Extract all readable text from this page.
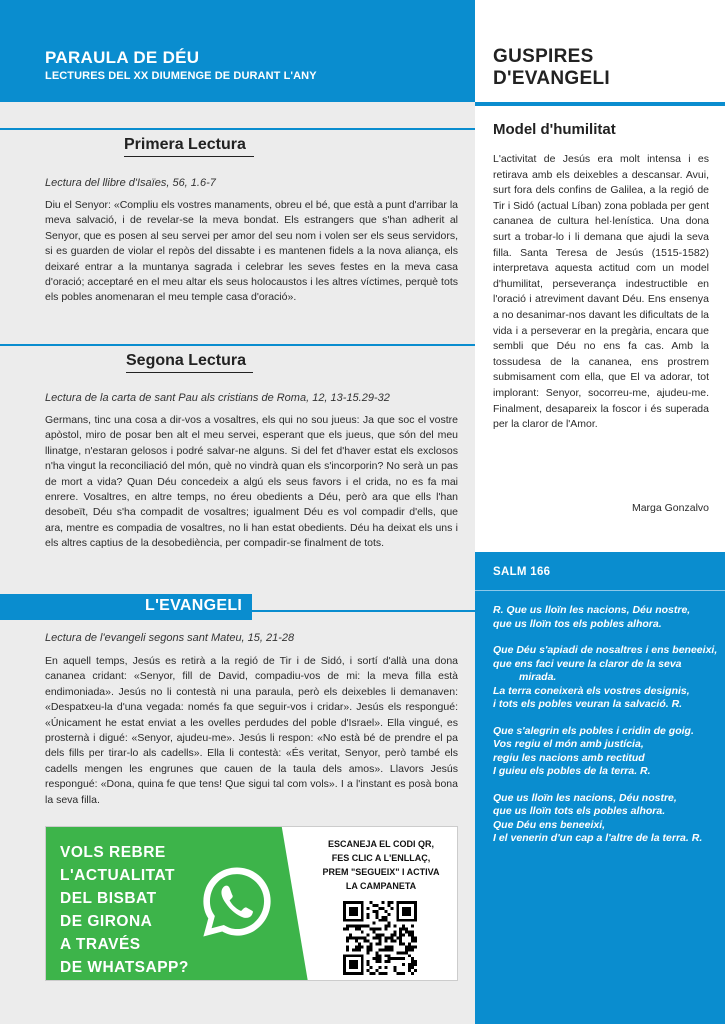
PARAULA DE DÉU
LECTURES DEL XX DIUMENGE DE DURANT L'ANY
GUSPIRES
D'EVANGELI
Primera Lectura
Lectura del llibre d'Isaïes, 56, 1.6-7
Diu el Senyor: «Compliu els vostres manaments, obreu el bé, que està a punt d'arribar la meva salvació, i de revelar-se la meva bondat. Els estrangers que s'han adherit al Senyor, que es posen al seu servei per amor del seu nom i volen ser els seus servidors, si es guarden de violar el repòs del dissabte i es mantenen fidels a la nova aliança, els deixaré entrar a la muntanya sagrada i celebrar les seves festes en la meva casa d'oració; acceptaré en el meu altar els seus holocaustos i les altres víctimes, perquè tots els pobles anomenaran el meu temple casa d'oració».
Segona Lectura
Lectura de la carta de sant Pau als cristians de Roma, 12, 13-15.29-32
Germans, tinc una cosa a dir-vos a vosaltres, els qui no sou jueus: Ja que soc el vostre apòstol, miro de posar ben alt el meu servei, esperant que els jueus, que són del meu llinatge, n'estaran gelosos i podré salvar-ne alguns. Si del fet d'haver estat els exclosos n'ha vingut la reconciliació del món, què no vindrà quan els s'incorporin? No serà un pas de mort a vida? Quan Déu concedeix a algú els seus favors i el crida, no es fa mai enrere. Vosaltres, en altre temps, no éreu obedients a Déu, però ara que ells l'han desobeït, Déu s'ha compadit de vosaltres; igualment Déu es vol compadir d'ells, que ara, mentre es compadia de vosaltres, no li han estat obedients. Déu ha deixat els uns i els altres captius de la desobediència, per compadir-se finalment de tots.
L'EVANGELI
Lectura de l'evangeli segons sant Mateu, 15, 21-28
En aquell temps, Jesús es retirà a la regió de Tir i de Sidó, i sortí d'allà una dona cananea cridant: «Senyor, fill de David, compadiu-vos de mi: la meva filla està endimoniada». Jesús no li contestà ni una paraula, però els deixebles li demanaven: «Despatxeu-la d'una vegada: només fa que seguir-vos i cridar». Jesús els respongué: «Únicament he estat enviat a les ovelles perdudes del poble d'Israel». Ella vingué, es prosternà i digué: «Senyor, ajudeu-me». Jesús li respon: «No està bé de prendre el pa dels fills per tirar-lo als cadells». Ella li contestà: «És veritat, Senyor, però també els cadells mengen les engrunes que cauen de la taula dels amos». Llavors Jesús respongué: «Dona, quina fe que tens! Que sigui tal com vols». I a l'instant es posà bona la seva filla.
VOLS REBRE
L'ACTUALITAT
DEL BISBAT
DE GIRONA
A TRAVÉS
DE WHATSAPP?
ESCANEJA EL CODI QR,
FES CLIC A L'ENLLAÇ,
PREM "SEGUEIX" I ACTIVA
LA CAMPANETA
Model d'humilitat
L'activitat de Jesús era molt intensa i es retirava amb els deixebles a descansar. Avui, surt fora dels confins de Galilea, a la regió de Tir i Sidó (actual Líban) zona poblada per gent cananea de cultura hel·lenística. Una dona surt a trobar-lo i li demana que ajudi la seva filla. Santa Teresa de Jesús (1515-1582) interpretava aquesta actitud com un model d'humilitat, perseverança indestructible en l'oració i atreviment davant Déu. Ens ensenya a no desanimar-nos davant les dificultats de la vida i a perseverar en la pregària, encara que sembli que Déu no ens fa cas. Amb la tossudesa de la cananea, ens prostrem submisament com ella, que El va adorar, tot implorant: Senyor, socorreu-me, ajudeu-me. Finalment, desapareix la foscor i és superada per la claror de l'Amor.
Marga Gonzalvo
SALM 166
R. Que us lloïn les nacions, Déu nostre,
que us lloïn tos els pobles alhora.
Que Déu s'apiadi de nosaltres i ens beneeixi,
que ens faci veure la claror de la seva mirada.
La terra coneixerà els vostres designis,
i tots els pobles veuran la salvació. R.
Que s'alegrin els pobles i cridin de goig.
Vos regiu el món amb justícia,
regiu les nacions amb rectitud
I guieu els pobles de la terra. R.
Que us lloïn les nacions, Déu nostre,
que us lloïn tots els pobles alhora.
Que Déu ens beneeixi,
I el venerin d'un cap a l'altre de la terra. R.
